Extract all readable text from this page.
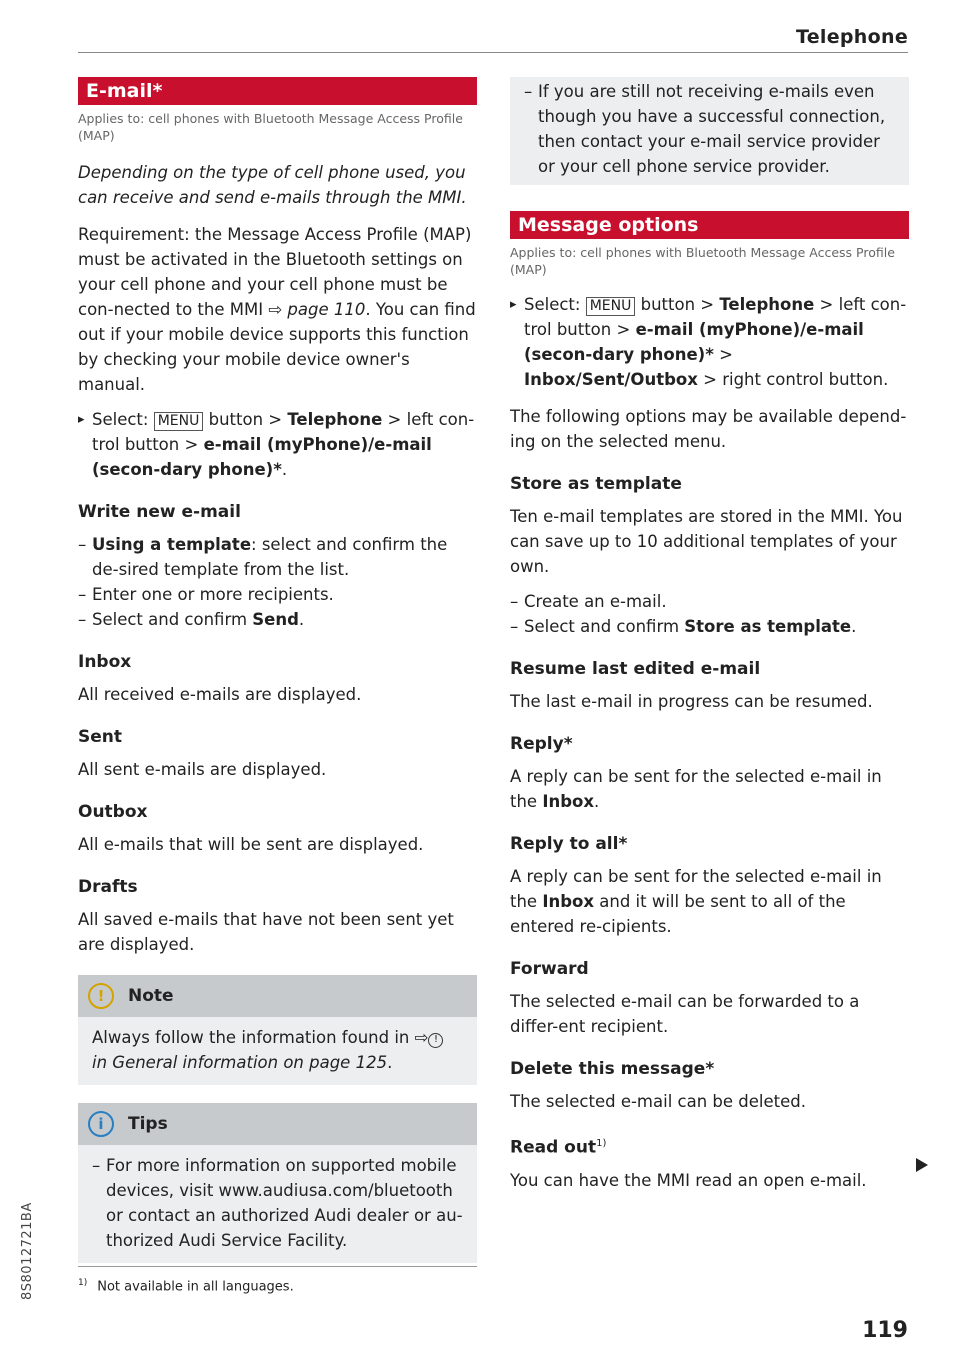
Telephone
E-mail*
Applies to: cell phones with Bluetooth Message Access Profile (MAP)

Depending on the type of cell phone used, you can receive and send e-mails through the MMI.

Requirement: the Message Access Profile (MAP) must be activated in the Bluetooth settings on your cell phone and your cell phone must be con-nected to the MMI ⇨ page 110. You can find out if your mobile device supports this function by checking your mobile device owner's manual.

▸ Select: MENU button > Telephone > left con-trol button > e-mail (myPhone)/e-mail (secon-dary phone)*.
Write new e-mail
– Using a template: select and confirm the de-sired template from the list.
– Enter one or more recipients.
– Select and confirm Send.
Inbox

All received e-mails are displayed.

Sent

All sent e-mails are displayed.

Outbox

All e-mails that will be sent are displayed.

Drafts

All saved e-mails that have not been sent yet are displayed.

!	Note

Always follow the information found in ⇨ ! in General information on page 125.

i	Tips
– For more information on supported mobile devices, visit www.audiusa.com/bluetooth or contact an authorized Audi dealer or au-thorized Audi Service Facility.
– If you are still not receiving e-mails even though you have a successful connection, then contact your e-mail service provider or your cell phone service provider.
Message options
Applies to: cell phones with Bluetooth Message Access Profile (MAP)
▸ Select: MENU button > Telephone > left con-trol button > e-mail (myPhone)/e-mail (secon-dary phone)* > Inbox/Sent/Outbox > right control button.

The following options may be available depend-ing on the selected menu.

Store as template

Ten e-mail templates are stored in the MMI. You can save up to 10 additional templates of your own.

– Create an e-mail.
– Select and confirm Store as template.
Resume last edited e-mail

The last e-mail in progress can be resumed.

Reply*

A reply can be sent for the selected e-mail in the Inbox.

Reply to all*

A reply can be sent for the selected e-mail in the Inbox and it will be sent to all of the entered re-cipients.

Forward

The selected e-mail can be forwarded to a differ-ent recipient.

Delete this message*

The selected e-mail can be deleted.

Read out$^{1)}$

You can have the MMI read an open e-mail.

$^{1)}$ Not available in all languages.
8S8012721BA
119
